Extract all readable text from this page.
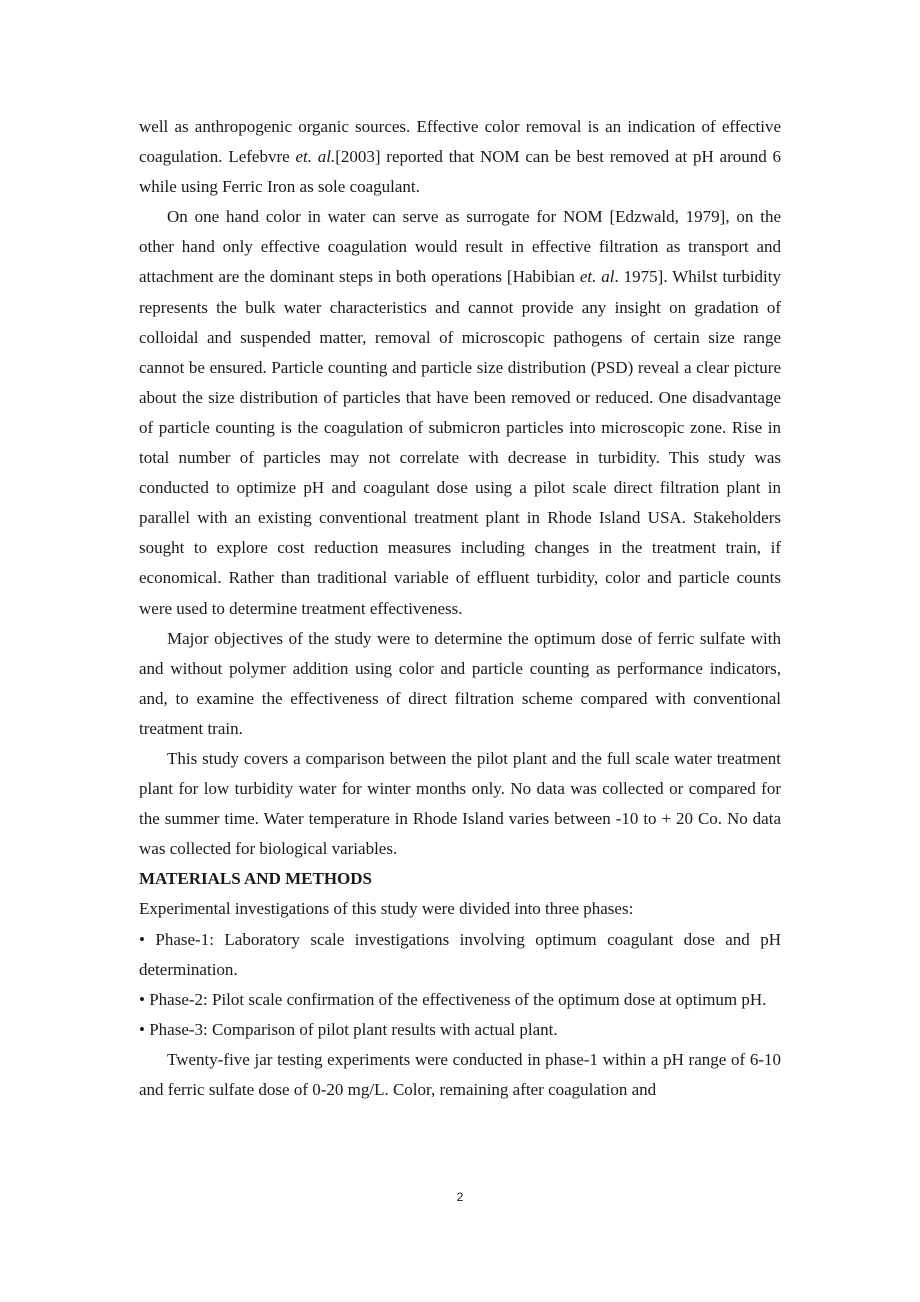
well as anthropogenic organic sources. Effective color removal is an indication of effective coagulation. Lefebvre et. al.[2003] reported that NOM can be best removed at pH around 6 while using Ferric Iron as sole coagulant.

On one hand color in water can serve as surrogate for NOM [Edzwald, 1979], on the other hand only effective coagulation would result in effective filtration as transport and attachment are the dominant steps in both operations [Habibian et. al. 1975]. Whilst turbidity represents the bulk water characteristics and cannot provide any insight on gradation of colloidal and suspended matter, removal of microscopic pathogens of certain size range cannot be ensured. Particle counting and particle size distribution (PSD) reveal a clear picture about the size distribution of particles that have been removed or reduced. One disadvantage of particle counting is the coagulation of submicron particles into microscopic zone. Rise in total number of particles may not correlate with decrease in turbidity. This study was conducted to optimize pH and coagulant dose using a pilot scale direct filtration plant in parallel with an existing conventional treatment plant in Rhode Island USA. Stakeholders sought to explore cost reduction measures including changes in the treatment train, if economical. Rather than traditional variable of effluent turbidity, color and particle counts were used to determine treatment effectiveness.

Major objectives of the study were to determine the optimum dose of ferric sulfate with and without polymer addition using color and particle counting as performance indicators, and, to examine the effectiveness of direct filtration scheme compared with conventional treatment train.

This study covers a comparison between the pilot plant and the full scale water treatment plant for low turbidity water for winter months only. No data was collected or compared for the summer time. Water temperature in Rhode Island varies between -10 to + 20 Co. No data was collected for biological variables.

MATERIALS AND METHODS

Experimental investigations of this study were divided into three phases:

• Phase-1: Laboratory scale investigations involving optimum coagulant dose and pH determination.

• Phase-2: Pilot scale confirmation of the effectiveness of the optimum dose at optimum pH.

• Phase-3: Comparison of pilot plant results with actual plant.

Twenty-five jar testing experiments were conducted in phase-1 within a pH range of 6-10 and ferric sulfate dose of 0-20 mg/L. Color, remaining after coagulation and

2
